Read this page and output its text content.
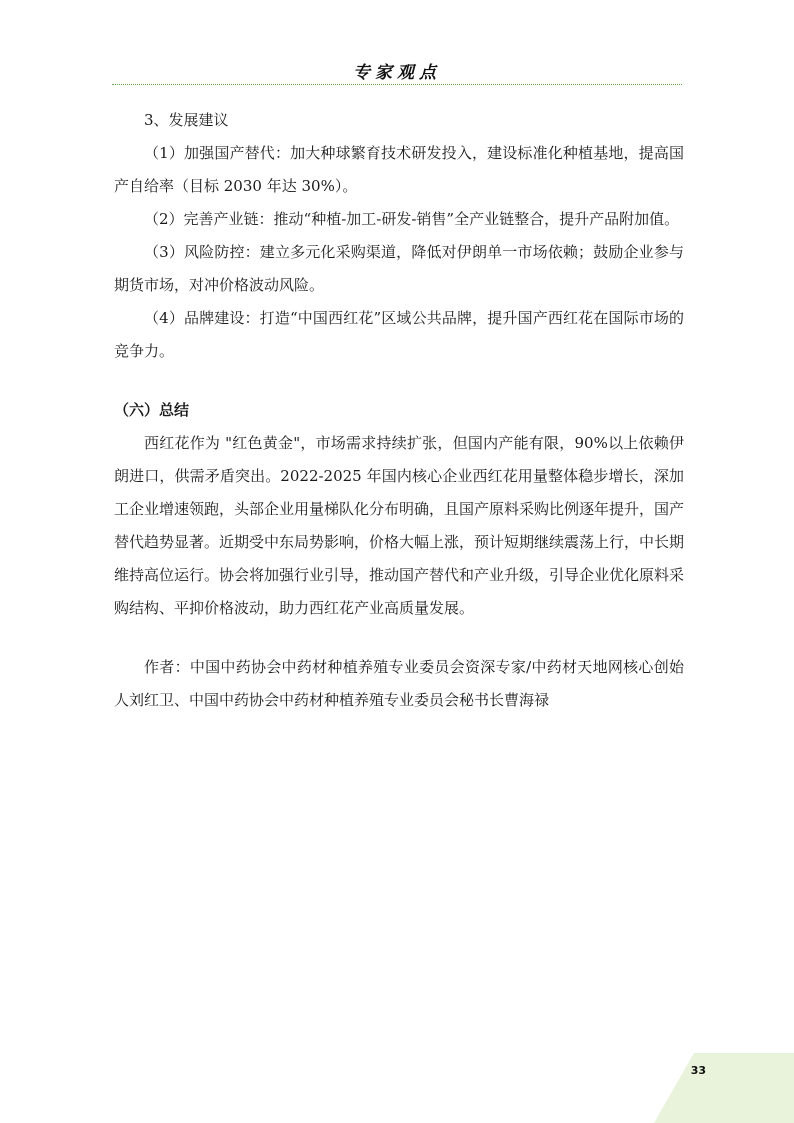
专家观点

3、发展建议

（1）加强国产替代：加大种球繁育技术研发投入，建设标准化种植基地，提高国产自给率（目标 2030 年达 30%）。

（2）完善产业链：推动“种植-加工-研发-销售”全产业链整合，提升产品附加值。

（3）风险防控：建立多元化采购渠道，降低对伊朗单一市场依赖；鼓励企业参与期货市场，对冲价格波动风险。

（4）品牌建设：打造“中国西红花”区域公共品牌，提升国产西红花在国际市场的竞争力。

（六）总结

西红花作为 "红色黄金"，市场需求持续扩张，但国内产能有限，90%以上依赖伊朗进口，供需矛盾突出。2022-2025 年国内核心企业西红花用量整体稳步增长，深加工企业增速领跑，头部企业用量梯队化分布明确，且国产原料采购比例逐年提升，国产替代趋势显著。近期受中东局势影响，价格大幅上涨，预计短期继续震荡上行，中长期维持高位运行。协会将加强行业引导，推动国产替代和产业升级，引导企业优化原料采购结构、平抑价格波动，助力西红花产业高质量发展。

作者：中国中药协会中药材种植养殖专业委员会资深专家/中药材天地网核心创始人刘红卫、中国中药协会中药材种植养殖专业委员会秘书长曹海禄

33
